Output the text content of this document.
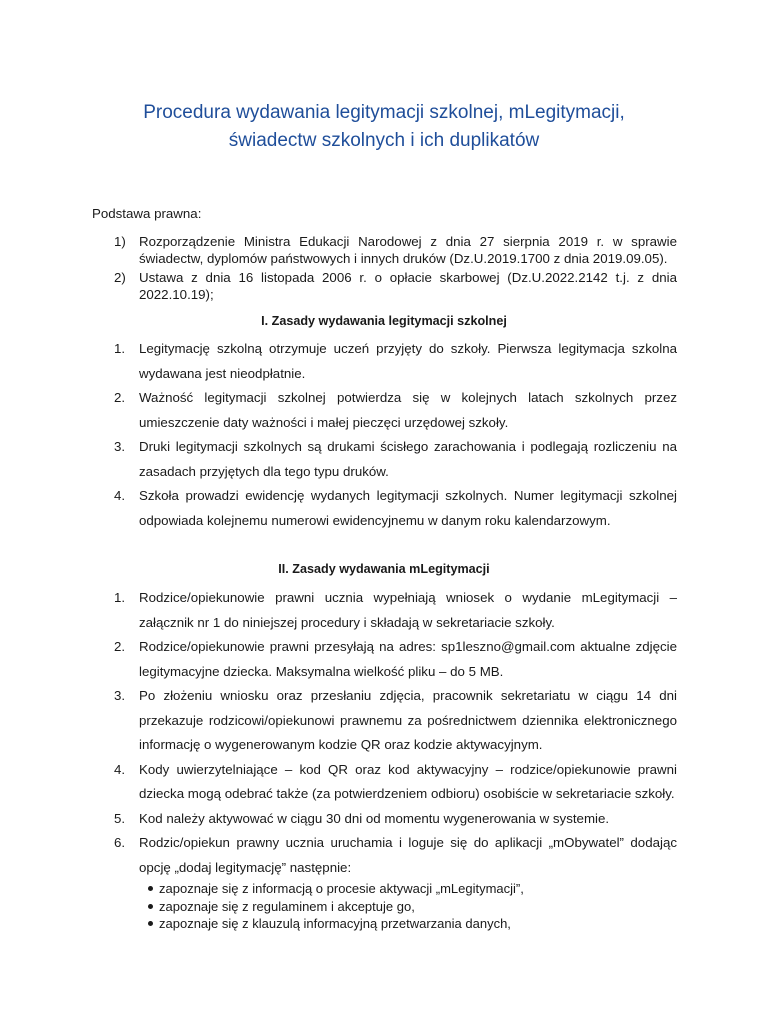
Procedura wydawania legitymacji szkolnej, mLegitymacji,
świadectw szkolnych i ich duplikatów
Podstawa prawna:
1) Rozporządzenie Ministra Edukacji Narodowej z dnia 27 sierpnia 2019 r. w sprawie świadectw, dyplomów państwowych i innych druków (Dz.U.2019.1700 z dnia 2019.09.05).
2) Ustawa z dnia 16 listopada 2006 r. o opłacie skarbowej (Dz.U.2022.2142 t.j. z dnia 2022.10.19);
I. Zasady wydawania legitymacji szkolnej
1. Legitymację szkolną otrzymuje uczeń przyjęty do szkoły. Pierwsza legitymacja szkolna wydawana jest nieodpłatnie.
2. Ważność legitymacji szkolnej potwierdza się w kolejnych latach szkolnych przez umieszczenie daty ważności i małej pieczęci urzędowej szkoły.
3. Druki legitymacji szkolnych są drukami ścisłego zarachowania i podlegają rozliczeniu na zasadach przyjętych dla tego typu druków.
4. Szkoła prowadzi ewidencję wydanych legitymacji szkolnych. Numer legitymacji szkolnej odpowiada kolejnemu numerowi ewidencyjnemu w danym roku kalendarzowym.
II. Zasady wydawania mLegitymacji
1. Rodzice/opiekunowie prawni ucznia wypełniają wniosek o wydanie mLegitymacji – załącznik nr 1 do niniejszej procedury i składają w sekretariacie szkoły.
2. Rodzice/opiekunowie prawni przesyłają na adres: sp1leszno@gmail.com aktualne zdjęcie legitymacyjne dziecka. Maksymalna wielkość pliku – do 5 MB.
3. Po złożeniu wniosku oraz przesłaniu zdjęcia, pracownik sekretariatu w ciągu 14 dni przekazuje rodzicowi/opiekunowi prawnemu za pośrednictwem dziennika elektronicznego informację o wygenerowanym kodzie QR oraz kodzie aktywacyjnym.
4. Kody uwierzytelniające – kod QR oraz kod aktywacyjny – rodzice/opiekunowie prawni dziecka mogą odebrać także (za potwierdzeniem odbioru) osobiście w sekretariacie szkoły.
5. Kod należy aktywować w ciągu 30 dni od momentu wygenerowania w systemie.
6. Rodzic/opiekun prawny ucznia uruchamia i loguje się do aplikacji „mObywatel” dodając opcję „dodaj legitymację” następnie:
zapoznaje się z informacją o procesie aktywacji „mLegitymacji”,
zapoznaje się z regulaminem i akceptuje go,
zapoznaje się z klauzulą informacyjną przetwarzania danych,
